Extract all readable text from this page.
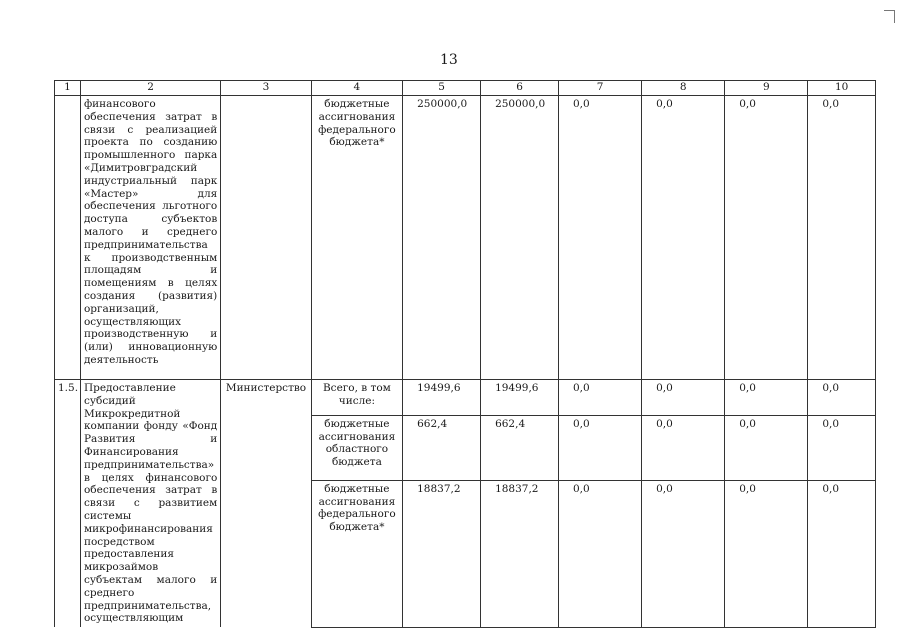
13
1	2	3	4	5	6	7	8	9	10
	финансового обеспечения затрат в связи с реализацией проекта по созданию промышленного парка «Димитровградский индустриальный парк «Мастер» для обеспечения льготного доступа субъектов малого и среднего предпринимательства к производственным площадям и помещениям в целях создания (развития) организаций, осуществляющих производственную и (или) инновационную деятельность		бюджетные ассигнования федерального бюджета*	250000,0	250000,0	0,0	0,0	0,0	0,0
1.5.	Предоставление субсидий Микрокредитной компании фонду «Фонд Развития и Финансирования предпринимательства» в целях финансового обеспечения затрат в связи с развитием системы микрофинансирования посредством предоставления микрозаймов субъектам малого и среднего предпринимательства, осуществляющим	Министерство	Всего, в том числе:	19499,6	19499,6	0,0	0,0	0,0	0,0
			бюджетные ассигнования областного бюджета	662,4	662,4	0,0	0,0	0,0	0,0
			бюджетные ассигнования федерального бюджета*	18837,2	18837,2	0,0	0,0	0,0	0,0
